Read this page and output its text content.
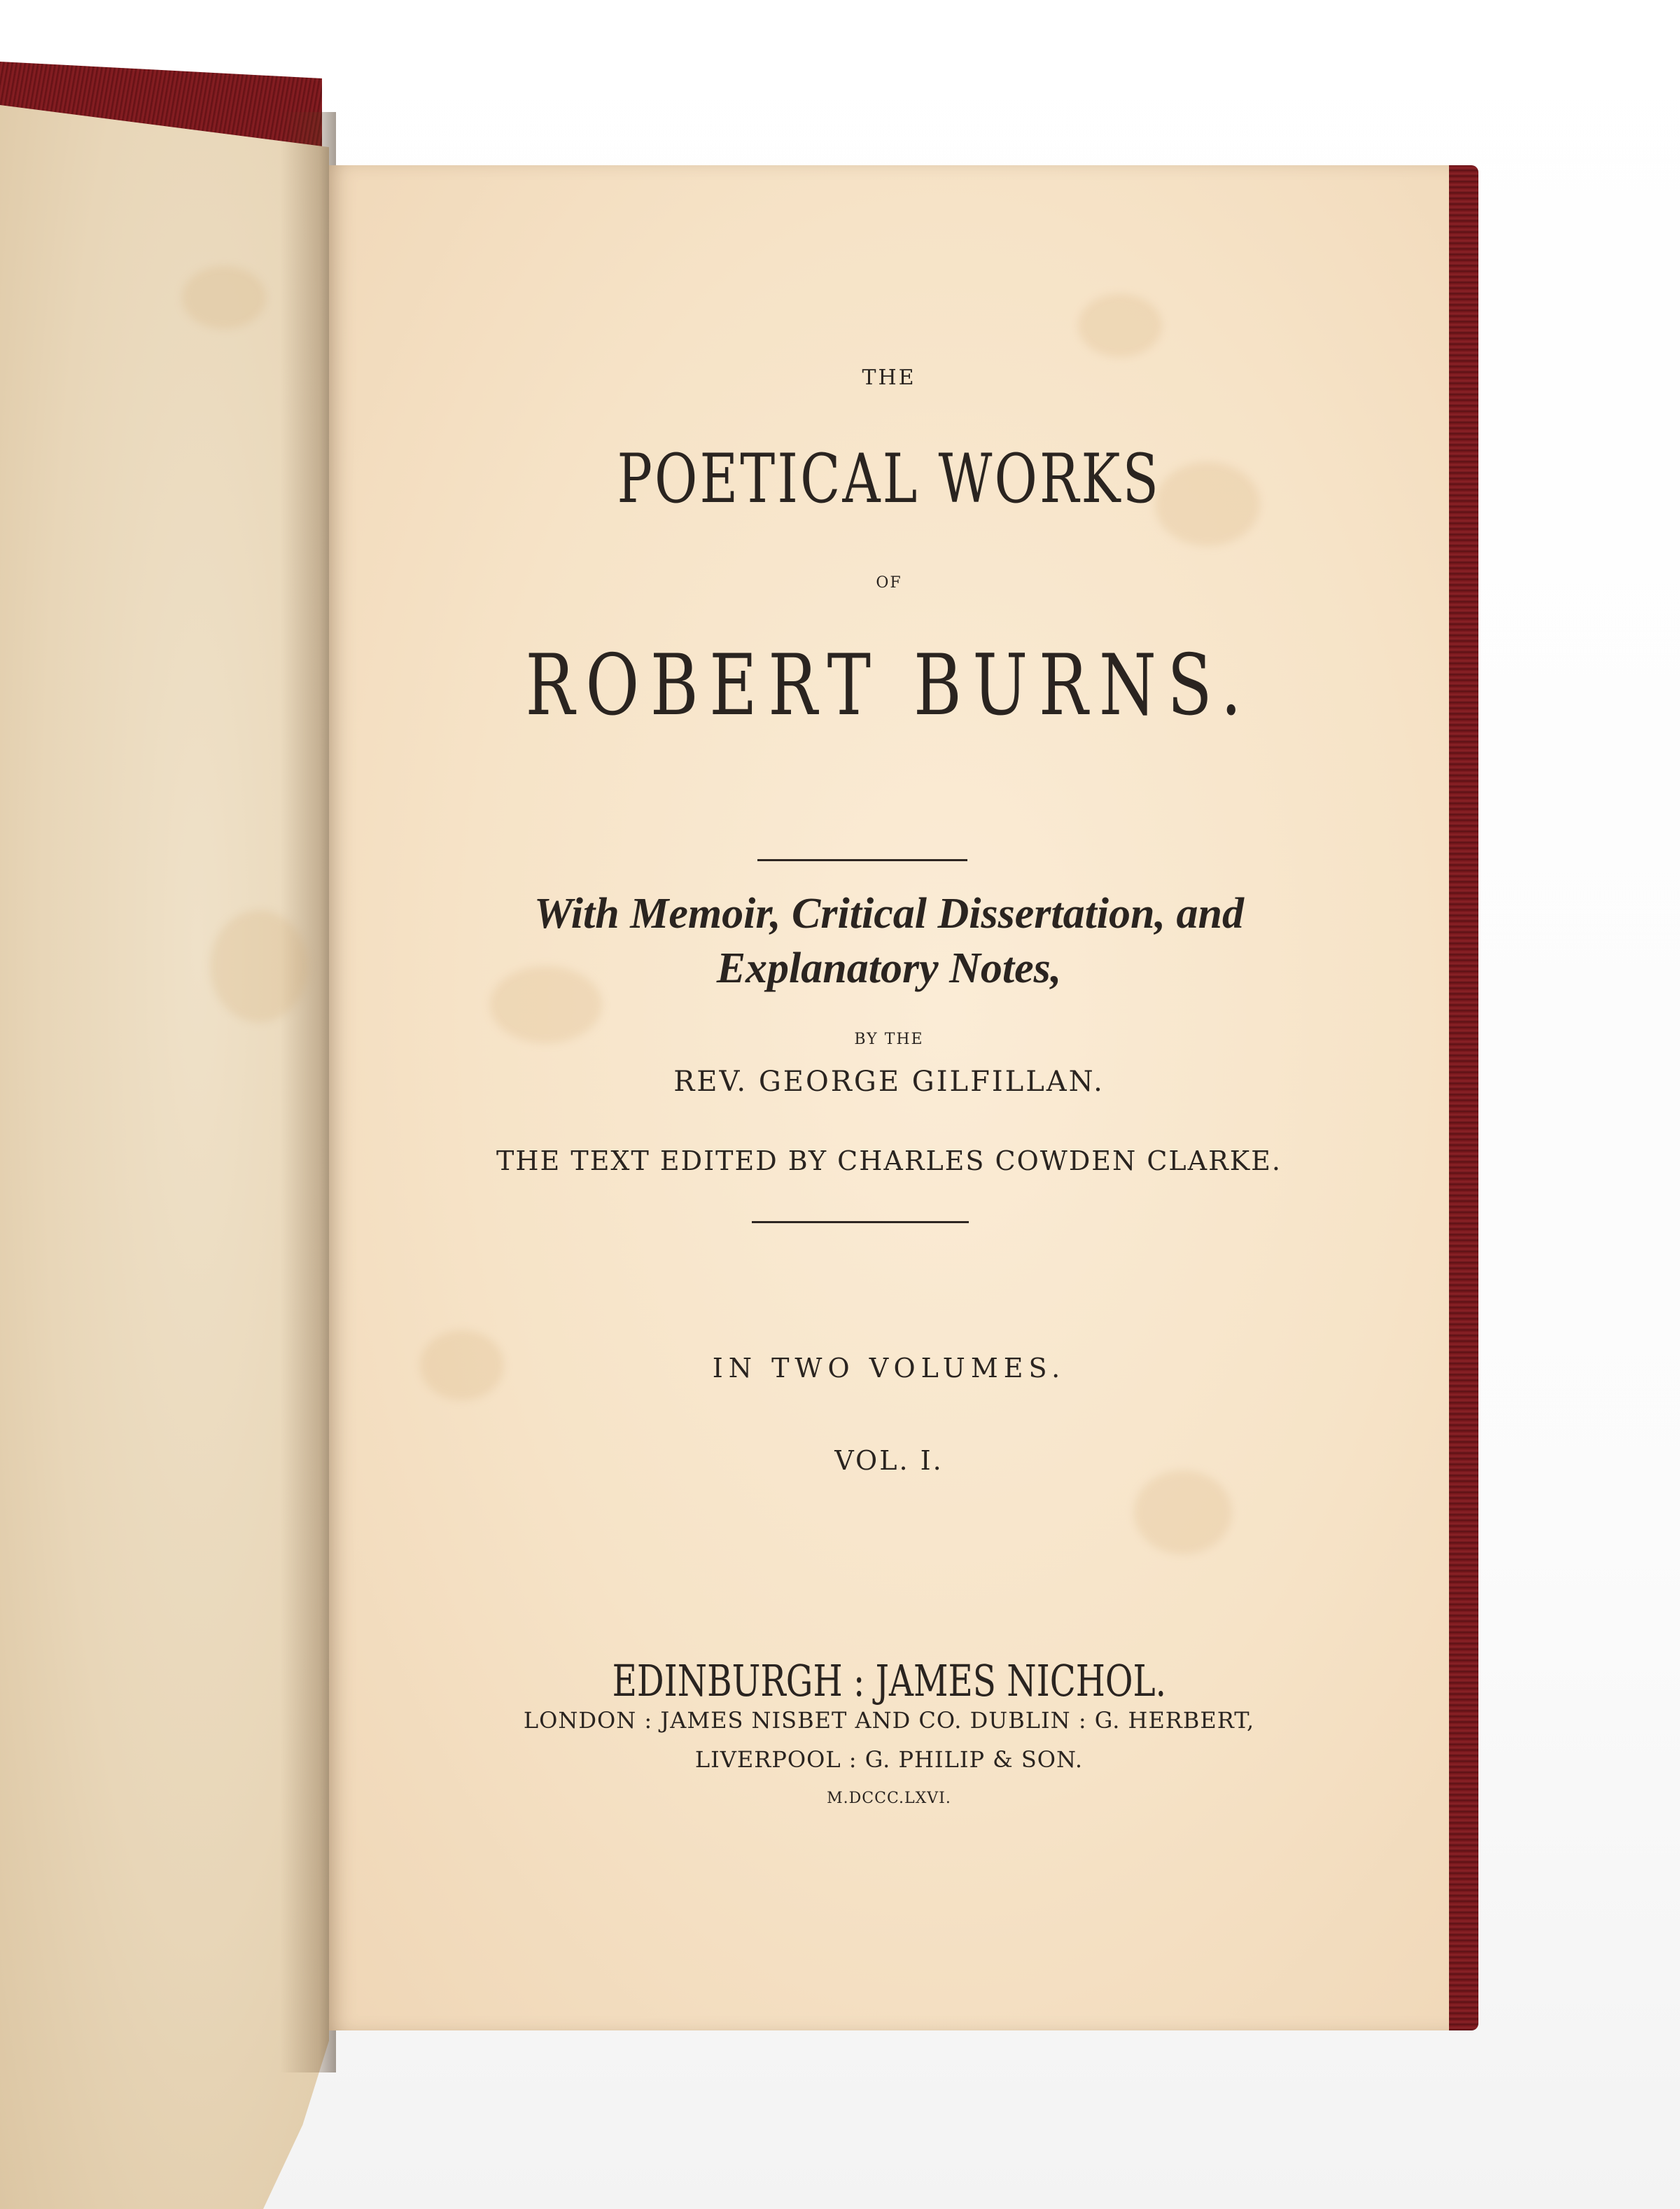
THE
POETICAL WORKS
OF
ROBERT BURNS.
With Memoir, Critical Dissertation, and
Explanatory Notes,
BY THE
REV. GEORGE GILFILLAN.
THE TEXT EDITED BY CHARLES COWDEN CLARKE.
IN TWO VOLUMES.
VOL. I.
EDINBURGH : JAMES NICHOL.
LONDON : JAMES NISBET AND CO. DUBLIN : G. HERBERT,
LIVERPOOL : G. PHILIP & SON.
M.DCCC.LXVI.
